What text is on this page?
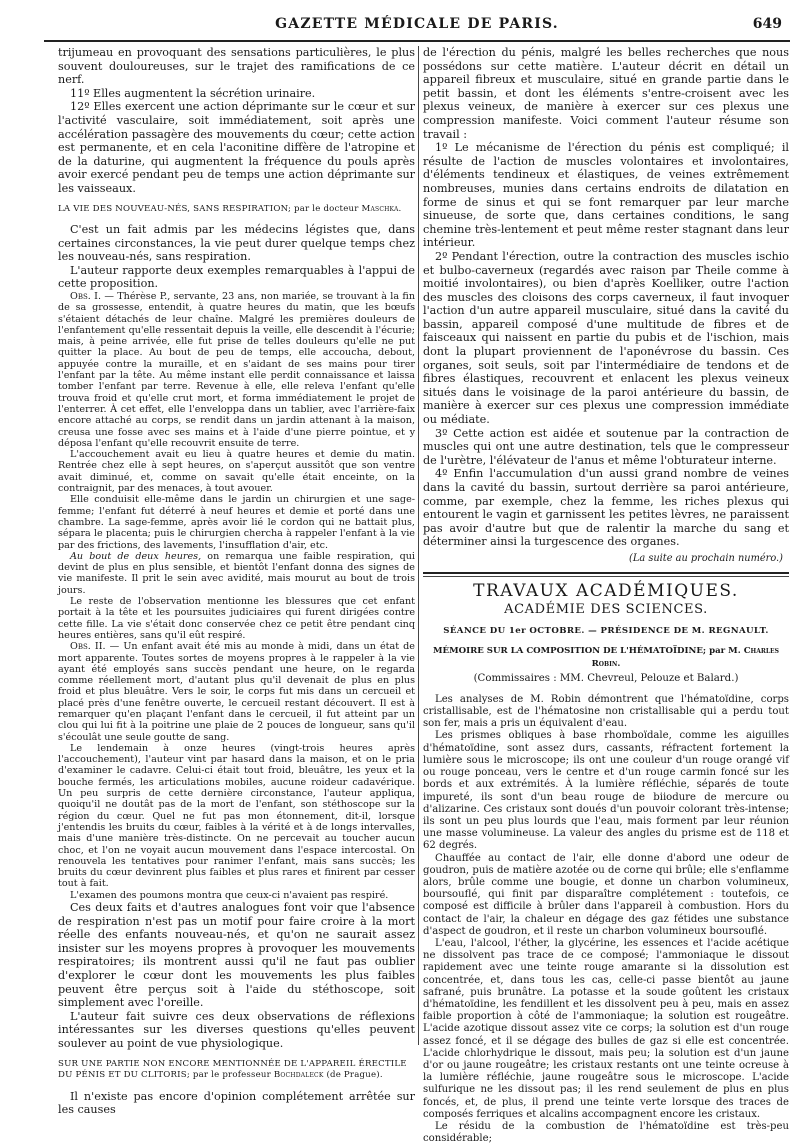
GAZETTE MÉDICALE DE PARIS.	649

trijumeau en provoquant des sensations particulières, le plus souvent douloureuses, sur le trajet des ramifications de ce nerf.

11º Elles augmentent la sécrétion urinaire.

12º Elles exercent une action déprimante sur le cœur et sur l'activité vasculaire, soit immédiatement, soit après une accélération passagère des mouvements du cœur; cette action est permanente, et en cela l'aconitine diffère de l'atropine et de la daturine, qui augmentent la fréquence du pouls après avoir exercé pendant peu de temps une action déprimante sur les vaisseaux.

LA VIE DES NOUVEAU-NÉS, SANS RESPIRATION; par le docteur Maschka.

C'est un fait admis par les médecins légistes que, dans certaines circonstances, la vie peut durer quelque temps chez les nouveau-nés, sans respiration.

L'auteur rapporte deux exemples remarquables à l'appui de cette proposition.

Obs. I. — Thérèse P., servante, 23 ans, non mariée, se trouvant à la fin de sa grossesse, entendit, à quatre heures du matin, que les bœufs s'étaient détachés de leur chaîne. Malgré les premières douleurs de l'enfantement qu'elle ressentait depuis la veille, elle descendit à l'écurie; mais, à peine arrivée, elle fut prise de telles douleurs qu'elle ne put quitter la place. Au bout de peu de temps, elle accoucha, debout, appuyée contre la muraille, et en s'aidant de ses mains pour tirer l'enfant par la tête. Au même instant elle perdit connaissance et laissa tomber l'enfant par terre. Revenue à elle, elle releva l'enfant qu'elle trouva froid et qu'elle crut mort, et forma immédiatement le projet de l'enterrer. À cet effet, elle l'enveloppa dans un tablier, avec l'arrière-faix encore attaché au corps, se rendit dans un jardin attenant à la maison, creusa une fosse avec ses mains et à l'aide d'une pierre pointue, et y déposa l'enfant qu'elle recouvrit ensuite de terre.

L'accouchement avait eu lieu à quatre heures et demie du matin. Rentrée chez elle à sept heures, on s'aperçut aussitôt que son ventre avait diminué, et, comme on savait qu'elle était enceinte, on la contraignit, par des menaces, à tout avouer.

Elle conduisit elle-même dans le jardin un chirurgien et une sage-femme; l'enfant fut déterré à neuf heures et demie et porté dans une chambre. La sage-femme, après avoir lié le cordon qui ne battait plus, sépara le placenta; puis le chirurgien chercha à rappeler l'enfant à la vie par des frictions, des lavements, l'insufflation d'air, etc.

Au bout de deux heures, on remarqua une faible respiration, qui devint de plus en plus sensible, et bientôt l'enfant donna des signes de vie manifeste. Il prit le sein avec avidité, mais mourut au bout de trois jours.

Le reste de l'observation mentionne les blessures que cet enfant portait à la tête et les poursuites judiciaires qui furent dirigées contre cette fille. La vie s'était donc conservée chez ce petit être pendant cinq heures entières, sans qu'il eût respiré.

Obs. II. — Un enfant avait été mis au monde à midi, dans un état de mort apparente. Toutes sortes de moyens propres à le rappeler à la vie ayant été employés sans succès pendant une heure, on le regarda comme réellement mort, d'autant plus qu'il devenait de plus en plus froid et plus bleuâtre. Vers le soir, le corps fut mis dans un cercueil et placé près d'une fenêtre ouverte, le cercueil restant découvert. Il est à remarquer qu'en plaçant l'enfant dans le cercueil, il fut atteint par un clou qui lui fit à la poitrine une plaie de 2 pouces de longueur, sans qu'il s'écoulât une seule goutte de sang.

Le lendemain à onze heures (vingt-trois heures après l'accouchement), l'auteur vint par hasard dans la maison, et on le pria d'examiner le cadavre. Celui-ci était tout froid, bleuâtre, les yeux et la bouche fermés, les articulations mobiles, aucune roideur cadavérique. Un peu surpris de cette dernière circonstance, l'auteur appliqua, quoiqu'il ne doutât pas de la mort de l'enfant, son stéthoscope sur la région du cœur. Quel ne fut pas mon étonnement, dit-il, lorsque j'entendis les bruits du cœur, faibles à la vérité et à de longs intervalles, mais d'une manière très-distincte. On ne percevait au toucher aucun choc, et l'on ne voyait aucun mouvement dans l'espace intercostal. On renouvela les tentatives pour ranimer l'enfant, mais sans succès; les bruits du cœur devinrent plus faibles et plus rares et finirent par cesser tout à fait.

L'examen des poumons montra que ceux-ci n'avaient pas respiré.

Ces deux faits et d'autres analogues font voir que l'absence de respiration n'est pas un motif pour faire croire à la mort réelle des enfants nouveau-nés, et qu'on ne saurait assez insister sur les moyens propres à provoquer les mouvements respiratoires; ils montrent aussi qu'il ne faut pas oublier d'explorer le cœur dont les mouvements les plus faibles peuvent être perçus soit à l'aide du stéthoscope, soit simplement avec l'oreille.

L'auteur fait suivre ces deux observations de réflexions intéressantes sur les diverses questions qu'elles peuvent soulever au point de vue physiologique.

SUR UNE PARTIE NON ENCORE MENTIONNÉE DE L'APPAREIL ÉRECTILE DU PÉNIS ET DU CLITORIS; par le professeur Bochdaleck (de Prague).

Il n'existe pas encore d'opinion complétement arrêtée sur les causes

de l'érection du pénis, malgré les belles recherches que nous possédons sur cette matière. L'auteur décrit en détail un appareil fibreux et musculaire, situé en grande partie dans le petit bassin, et dont les éléments s'entre-croisent avec les plexus veineux, de manière à exercer sur ces plexus une compression manifeste. Voici comment l'auteur résume son travail :

1º Le mécanisme de l'érection du pénis est compliqué; il résulte de l'action de muscles volontaires et involontaires, d'éléments tendineux et élastiques, de veines extrêmement nombreuses, munies dans certains endroits de dilatation en forme de sinus et qui se font remarquer par leur marche sinueuse, de sorte que, dans certaines conditions, le sang chemine très-lentement et peut même rester stagnant dans leur intérieur.

2º Pendant l'érection, outre la contraction des muscles ischio et bulbo-caverneux (regardés avec raison par Theile comme à moitié involontaires), ou bien d'après Koelliker, outre l'action des muscles des cloisons des corps caverneux, il faut invoquer l'action d'un autre appareil musculaire, situé dans la cavité du bassin, appareil composé d'une multitude de fibres et de faisceaux qui naissent en partie du pubis et de l'ischion, mais dont la plupart proviennent de l'aponévrose du bassin. Ces organes, soit seuls, soit par l'intermédiaire de tendons et de fibres élastiques, recouvrent et enlacent les plexus veineux situés dans le voisinage de la paroi antérieure du bassin, de manière à exercer sur ces plexus une compression immédiate ou médiate.

3º Cette action est aidée et soutenue par la contraction de muscles qui ont une autre destination, tels que le compresseur de l'urètre, l'élévateur de l'anus et même l'obturateur interne.

4º Enfin l'accumulation d'un aussi grand nombre de veines dans la cavité du bassin, surtout derrière sa paroi antérieure, comme, par exemple, chez la femme, les riches plexus qui entourent le vagin et garnissent les petites lèvres, ne paraissent pas avoir d'autre but que de ralentir la marche du sang et déterminer ainsi la turgescence des organes.

(La suite au prochain numéro.)

TRAVAUX ACADÉMIQUES.

ACADÉMIE DES SCIENCES.

SÉANCE DU 1er OCTOBRE. — PRÉSIDENCE DE M. REGNAULT.

MÉMOIRE SUR LA COMPOSITION DE L'HÉMATOÏDINE; par M. Charles Robin.

(Commissaires : MM. Chevreul, Pelouze et Balard.)

Les analyses de M. Robin démontrent que l'hématoïdine, corps cristallisable, est de l'hématosine non cristallisable qui a perdu tout son fer, mais a pris un équivalent d'eau.

Les prismes obliques à base rhomboïdale, comme les aiguilles d'hématoïdine, sont assez durs, cassants, réfractent fortement la lumière sous le microscope; ils ont une couleur d'un rouge orangé vif ou rouge ponceau, vers le centre et d'un rouge carmin foncé sur les bords et aux extrémités. À la lumière réfléchie, séparés de toute impureté, ils sont d'un beau rouge de biiodure de mercure ou d'alizarine. Ces cristaux sont doués d'un pouvoir colorant très-intense; ils sont un peu plus lourds que l'eau, mais forment par leur réunion une masse volumineuse. La valeur des angles du prisme est de 118 et 62 degrés.

Chauffée au contact de l'air, elle donne d'abord une odeur de goudron, puis de matière azotée ou de corne qui brûle; elle s'enflamme alors, brûle comme une bougie, et donne un charbon volumineux, boursouflé, qui finit par disparaître complétement : toutefois, ce composé est difficile à brûler dans l'appareil à combustion. Hors du contact de l'air, la chaleur en dégage des gaz fétides une substance d'aspect de goudron, et il reste un charbon volumineux boursouflé.

L'eau, l'alcool, l'éther, la glycérine, les essences et l'acide acétique ne dissolvent pas trace de ce composé; l'ammoniaque le dissout rapidement avec une teinte rouge amarante si la dissolution est concentrée, et, dans tous les cas, celle-ci passe bientôt au jaune safrané, puis brunâtre. La potasse et la soude goûtent les cristaux d'hématoïdine, les fendillent et les dissolvent peu à peu, mais en assez faible proportion à côté de l'ammoniaque; la solution est rougeâtre. L'acide azotique dissout assez vite ce corps; la solution est d'un rouge assez foncé, et il se dégage des bulles de gaz si elle est concentrée. L'acide chlorhydrique le dissout, mais peu; la solution est d'un jaune d'or ou jaune rougeâtre; les cristaux restants ont une teinte ocreuse à la lumière réfléchie, jaune rougeâtre sous le microscope. L'acide sulfurique ne les dissout pas; il les rend seulement de plus en plus foncés, et, de plus, il prend une teinte verte lorsque des traces de composés ferriques et alcalins accompagnent encore les cristaux.

Le résidu de la combustion de l'hématoïdine est très-peu considérable;
